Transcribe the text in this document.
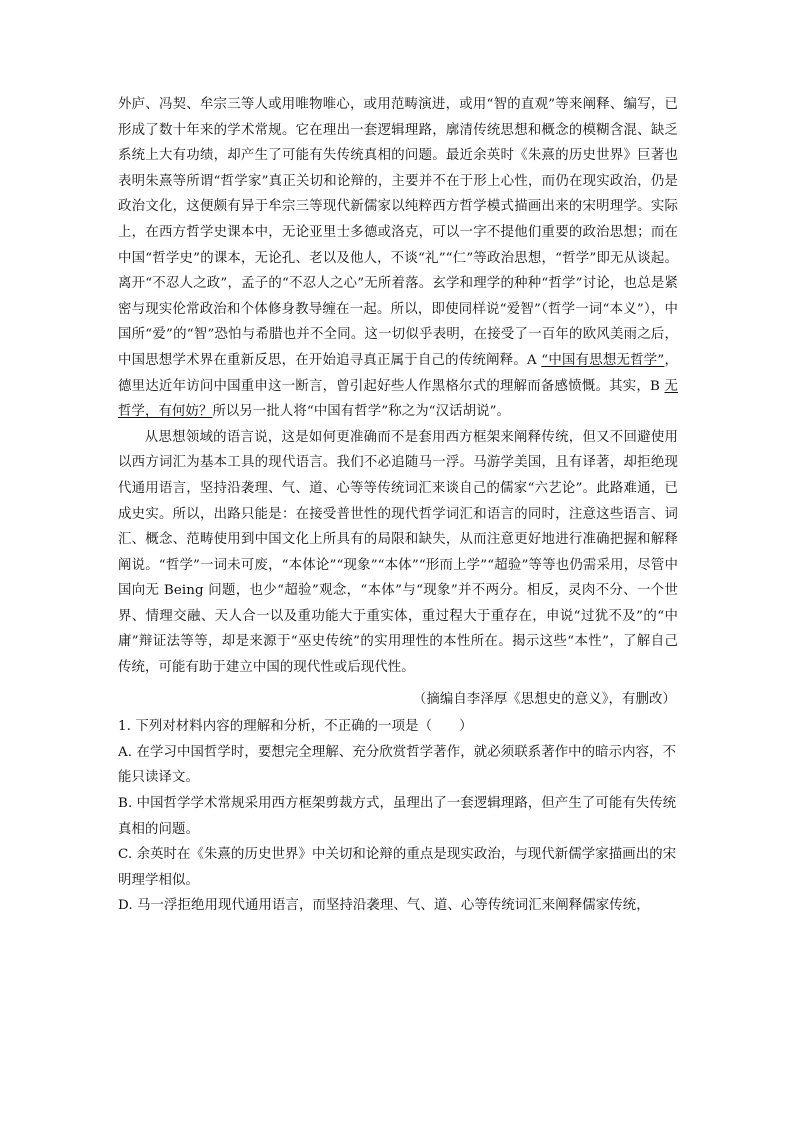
外庐、冯契、牟宗三等人或用唯物唯心，或用范畴演进，或用“智的直观”等来阐释、编写，已形成了数十年来的学术常规。它在理出一套逻辑理路，廓清传统思想和概念的模糊含混、缺乏系统上大有功绩，却产生了可能有失传统真相的问题。最近余英时《朱熹的历史世界》巨著也表明朱熹等所谓“哲学家”真正关切和论辩的，主要并不在于形上心性，而仍在现实政治，仍是政治文化，这便颇有异于牟宗三等现代新儒家以纯粹西方哲学模式描画出来的宋明理学。实际上，在西方哲学史课本中，无论亚里士多德或洛克，可以一字不提他们重要的政治思想；而在中国“哲学史”的课本，无论孔、老以及他人，不谈“礼”“仁”等政治思想，“哲学”即无从谈起。离开“不忍人之政”，孟子的“不忍人之心”无所着落。玄学和理学的种种“哲学”讨论，也总是紧密与现实伦常政治和个体修身教导缠在一起。所以，即使同样说“爱智”（哲学一词“本义”），中国所“爱”的“智”恐怕与希腊也并不全同。这一切似乎表明，在接受了一百年的欧风美雨之后，中国思想学术界在重新反思，在开始追寻真正属于自己的传统阐释。A “中国有思想无哲学”，德里达近年访问中国重申这一断言，曾引起好些人作黑格尔式的理解而备感愤慨。其实，B 无哲学，有何妨？所以另一批人将“中国有哲学”称之为“汉话胡说”。

从思想领域的语言说，这是如何更准确而不是套用西方框架来阐释传统，但又不回避使用以西方词汇为基本工具的现代语言。我们不必追随马一浮。马游学美国，且有译著，却拒绝现代通用语言，坚持沿袭理、气、道、心等等传统词汇来谈自己的儒家“六艺论”。此路难通，已成史实。所以，出路只能是：在接受普世性的现代哲学词汇和语言的同时，注意这些语言、词汇、概念、范畴使用到中国文化上所具有的局限和缺失，从而注意更好地进行准确把握和解释阐说。“哲学”一词未可废，“本体论”“现象”“本体”“形而上学”“超验”等等也仍需采用，尽管中国向无 Being 问题，也少“超验”观念，“本体”与“现象”并不两分。相反，灵肉不分、一个世界、情理交融、天人合一以及重功能大于重实体，重过程大于重存在，申说“过犹不及”的“中庸”辩证法等等，却是来源于“巫史传统”的实用理性的本性所在。揭示这些“本性”，了解自己传统，可能有助于建立中国的现代性或后现代性。

（摘编自李泽厚《思想史的意义》，有删改）

1. 下列对材料内容的理解和分析，不正确的一项是（　　）

A. 在学习中国哲学时，要想完全理解、充分欣赏哲学著作，就必须联系著作中的暗示内容，不能只读译文。

B. 中国哲学学术常规采用西方框架剪裁方式，虽理出了一套逻辑理路，但产生了可能有失传统真相的问题。

C. 余英时在《朱熹的历史世界》中关切和论辩的重点是现实政治，与现代新儒学家描画出的宋明理学相似。

D. 马一浮拒绝用现代通用语言，而坚持沿袭理、气、道、心等传统词汇来阐释儒家传统，
